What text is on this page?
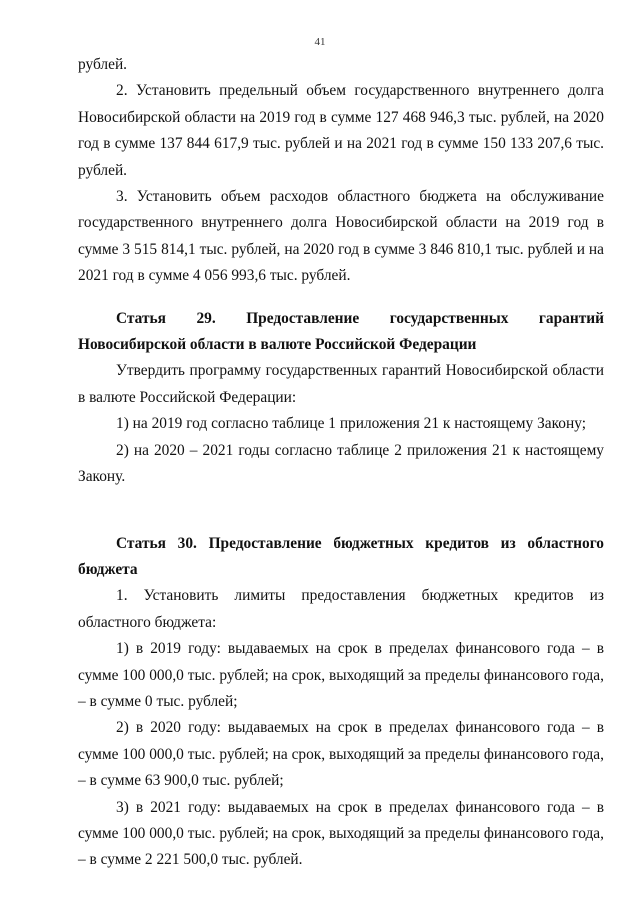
41

рублей.

2. Установить предельный объем государственного внутреннего долга Новосибирской области на 2019 год в сумме 127 468 946,3 тыс. рублей, на 2020 год в сумме 137 844 617,9 тыс. рублей и на 2021 год в сумме 150 133 207,6 тыс. рублей.

3. Установить объем расходов областного бюджета на обслуживание государственного внутреннего долга Новосибирской области на 2019 год в сумме 3 515 814,1 тыс. рублей, на 2020 год в сумме 3 846 810,1 тыс. рублей и на 2021 год в сумме 4 056 993,6 тыс. рублей.

Статья 29. Предоставление государственных гарантий Новосибирской области в валюте Российской Федерации

Утвердить программу государственных гарантий Новосибирской области в валюте Российской Федерации:

1) на 2019 год согласно таблице 1 приложения 21 к настоящему Закону;

2) на 2020 – 2021 годы согласно таблице 2 приложения 21 к настоящему Закону.

Статья 30. Предоставление бюджетных кредитов из областного бюджета

1. Установить лимиты предоставления бюджетных кредитов из областного бюджета:

1) в 2019 году: выдаваемых на срок в пределах финансового года – в сумме 100 000,0 тыс. рублей; на срок, выходящий за пределы финансового года, – в сумме 0 тыс. рублей;

2) в 2020 году: выдаваемых на срок в пределах финансового года – в сумме 100 000,0 тыс. рублей; на срок, выходящий за пределы финансового года, – в сумме 63 900,0 тыс. рублей;

3) в 2021 году: выдаваемых на срок в пределах финансового года – в сумме 100 000,0 тыс. рублей; на срок, выходящий за пределы финансового года, – в сумме 2 221 500,0 тыс. рублей.
